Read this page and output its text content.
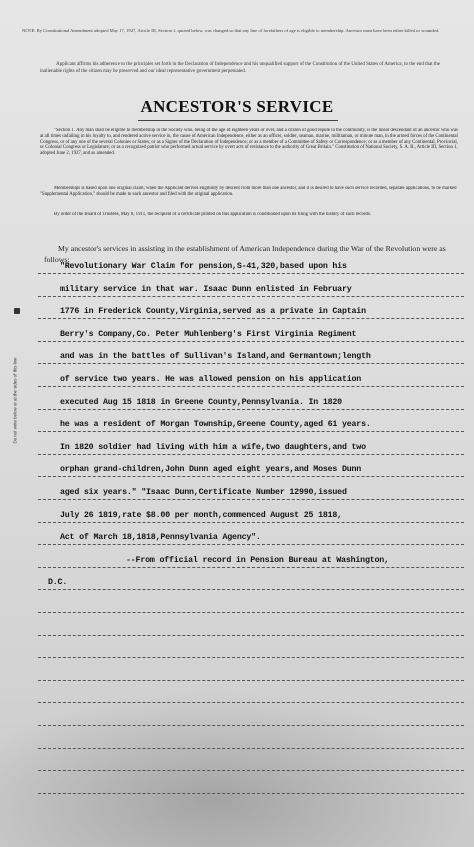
NOTE: By Constitutional Amendment adopted May 17, 1927, Article III, Section 1, quoted below, was changed so that any line of forefathers of age is eligible to membership. Ancestor must have been either killed or wounded.
Applicant affirms his adherence to the principles set forth in the Declaration of Independence and his unqualified support of the Constitution of the United States of America, to the end that the inalienable rights of the citizen may be preserved and our ideal representative government perpetuated.
ANCESTOR'S SERVICE
"Section 1. Any man shall be eligible to membership in the Society who, being of the age of eighteen years or over, and a citizen of good repute in the community, is the lineal descendant of an ancestor who was at all times unfailing in his loyalty to, and rendered active service in, the cause of American Independence, either as an officer, soldier, seaman, marine, militiaman, or minute man, in the armed forces of the Continental Congress, or of any one of the several Colonies or States; or as a Signer of the Declaration of Independence; or as a member of a Committee of Safety or Correspondence; or as a member of any Continental, Provincial, or Colonial Congress or Legislature; or as a recognized patriot who performed actual service by overt acts of resistance to the authority of Great Britain." Constitution of National Society, S. A. R., Article III, Section 1, adopted June 2, 1927, and as amended.
Memberships is based upon one original claim; when the Applicant derives eligibility by descent from more than one ancestor, and it is desired to have such service recorded, separate applications, to be marked "Supplemental Application," should be made to each ancestor and filed with the original application.
By order of the Board of Trustees, May 8, 1911, the recipient of a certificate printed on this application is conditioned upon its filing with the history of such records.
My ancestor's services in assisting in the establishment of American Independence during the War of the Revolution were as follows:
Do not write below or at the sides of this line
"Revolutionary War Claim for pension,S-41,320,based upon his
military service in that war. Isaac Dunn enlisted in February
1776 in Frederick County,Virginia,served as a private in Captain
Berry's Company,Co. Peter Muhlenberg's First Virginia Regiment
and was in the battles of Sullivan's Island,and Germantown;length
of service two years. He was allowed pension on his application
executed Aug 15 1818 in Greene County,Pennsylvania. In 1820
he was a resident of Morgan Township,Greene County,aged 61 years.
In 1820 soldier had living with him a wife,two daughters,and two
orphan grand-children,John Dunn aged eight years,and Moses Dunn
aged six years." "Isaac Dunn,Certificate Number 12990,issued
July 26 1819,rate $8.00 per month,commenced August 25 1818,
Act of March 18,1818,Pennsylvania Agency".
--From official record in Pension Bureau at Washington,
D.C.
